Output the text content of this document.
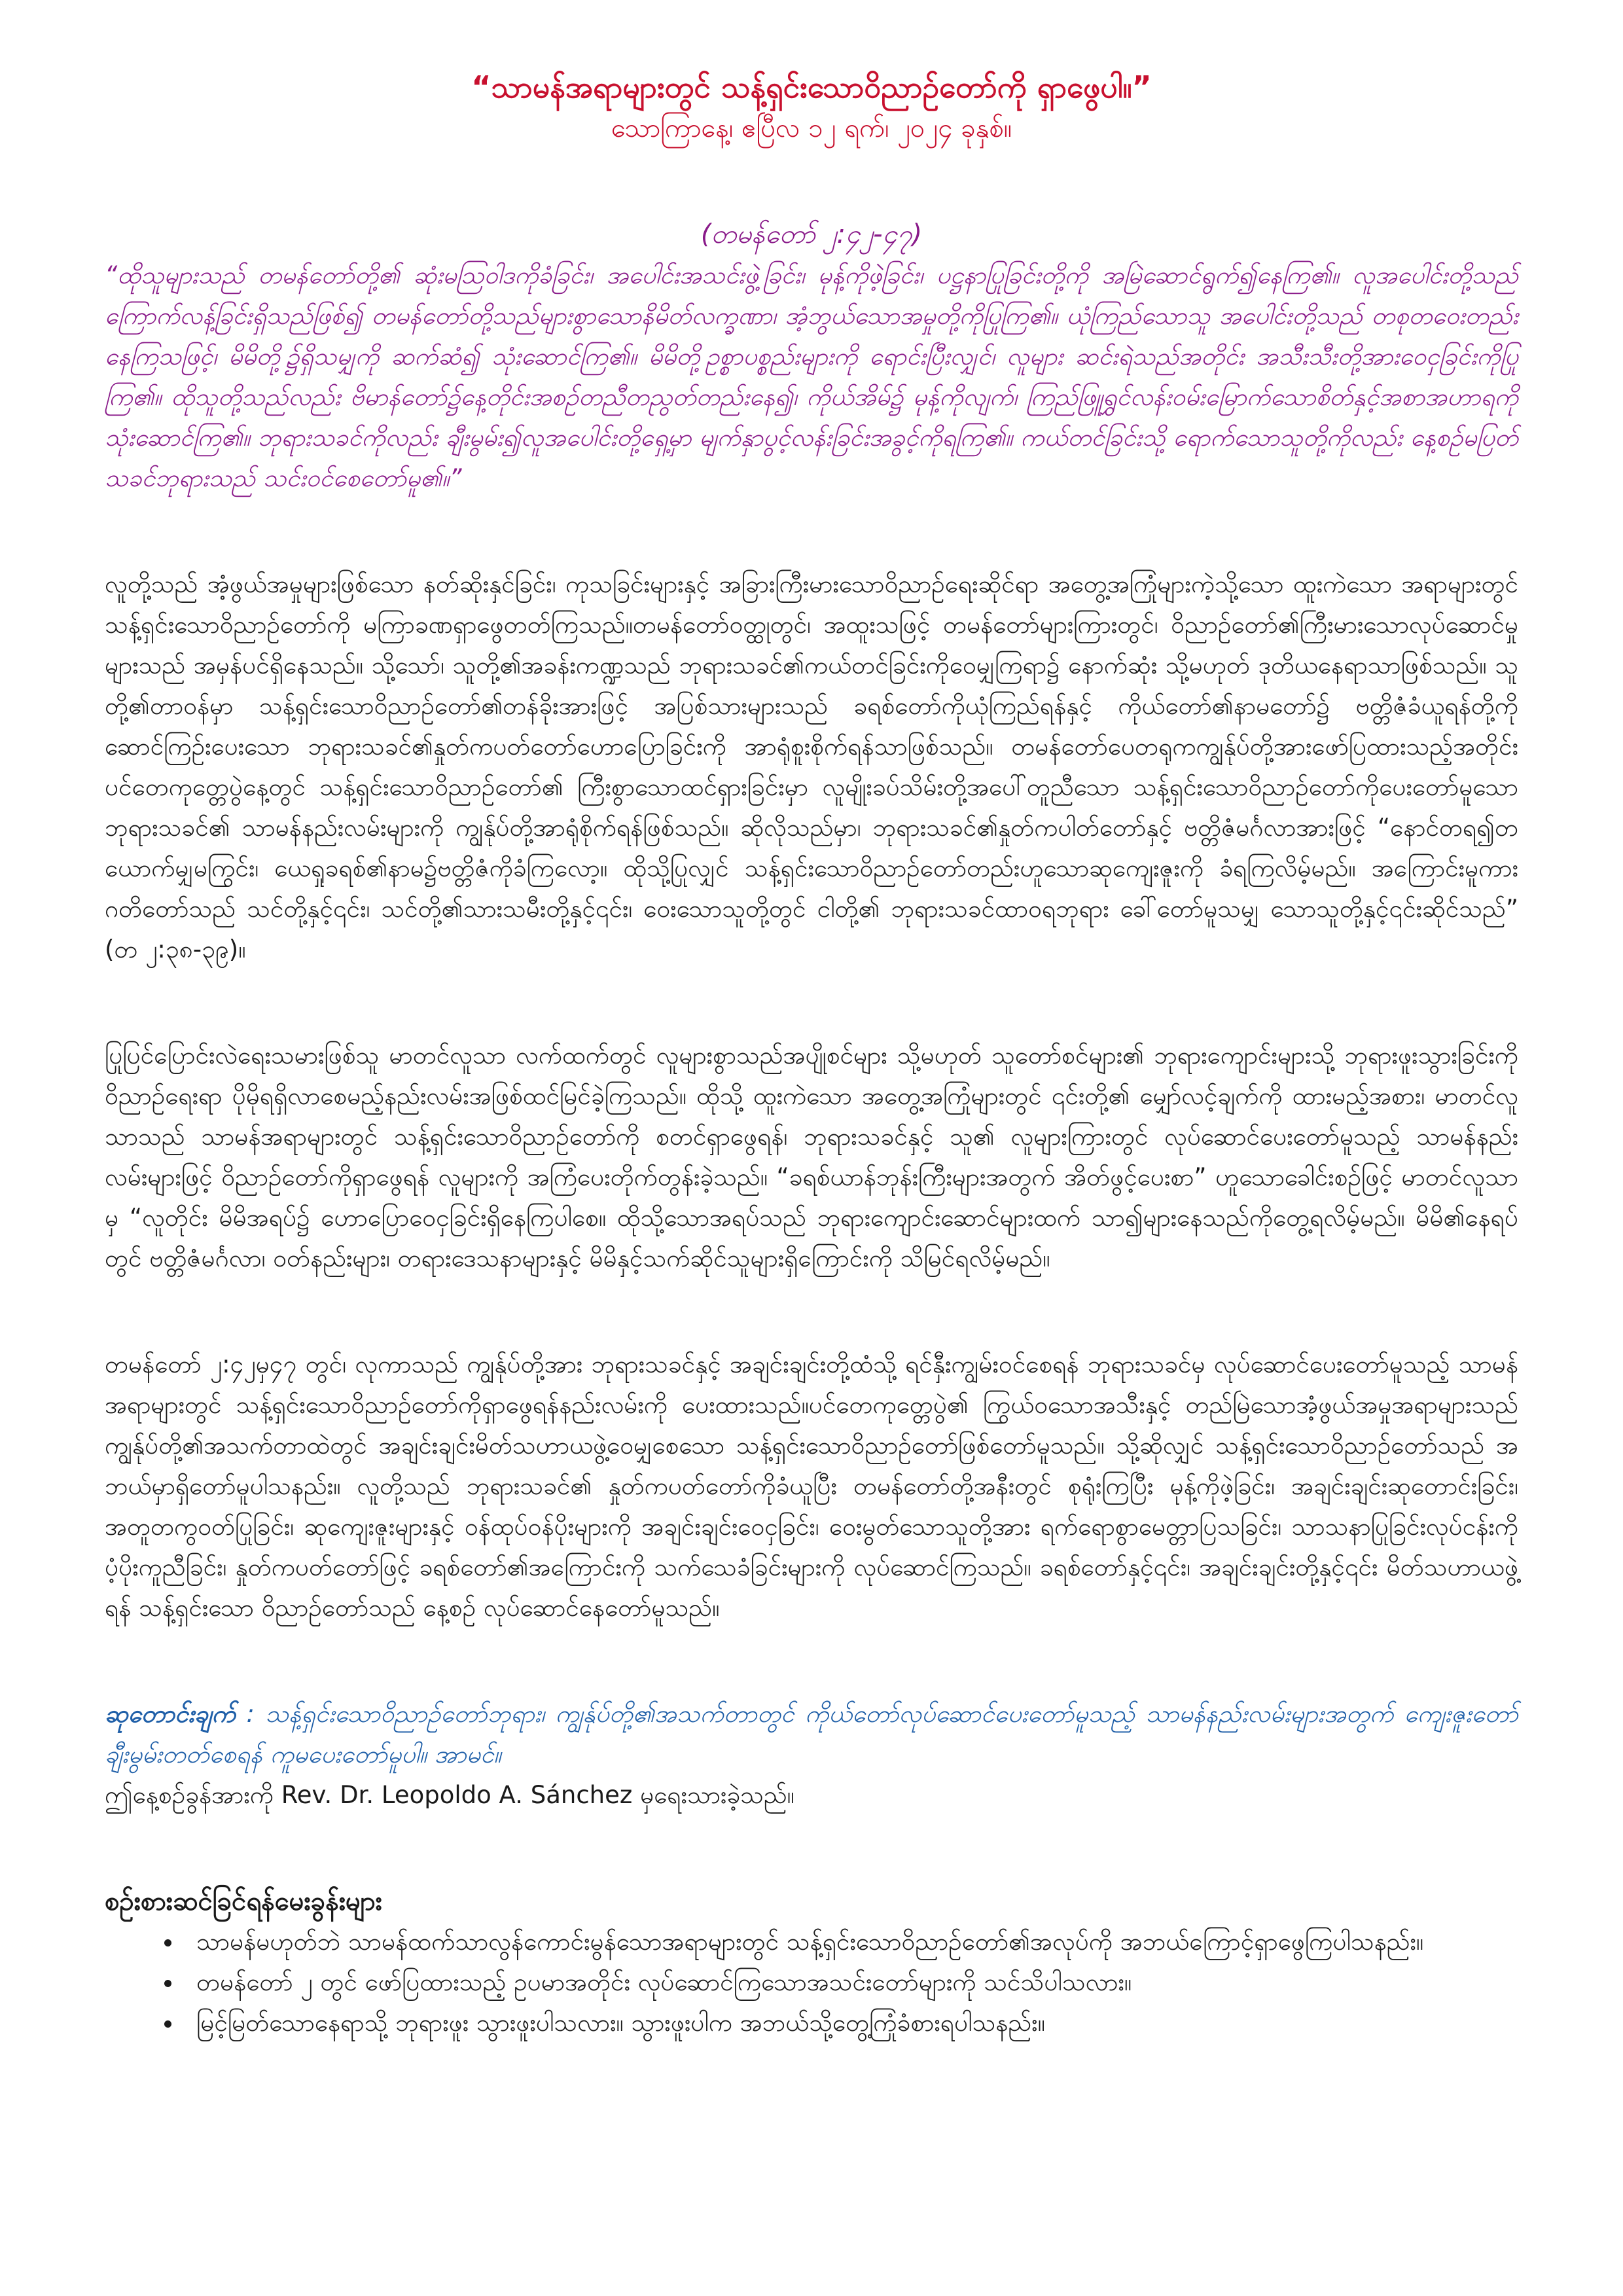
“သာမန်အရာများတွင် သန့်ရှင်းသောဝိညာဉ်တော်ကို ရှာဖွေပါ။”

သောကြာနေ့၊ ဧပြီလ ၁၂ ရက်၊ ၂၀၂၄ ခုနှစ်။

(တမန်တော် ၂:၄၂-၄၇)

“ထိုသူများသည် တမန်တော်တို့၏ ဆုံးမသြဝါဒကိုခံခြင်း၊ အပေါင်းအသင်းဖွဲ့ခြင်း၊ မုန့်ကိုဖဲ့ခြင်း၊ ပဋ္ဌနာပြုခြင်းတို့ကို အမြဲဆောင်ရွက်၍နေကြ၏။ လူအပေါင်းတို့သည် ကြောက်လန့်ခြင်းရှိသည်ဖြစ်၍ တမန်တော်တို့သည်များစွာသောနိမိတ်လက္ခဏာ၊ အံ့ဘွယ်သောအမှုတို့ကိုပြုကြ၏။ ယုံကြည်သောသူ အပေါင်းတို့သည် တစုတဝေးတည်းနေကြသဖြင့်၊ မိမိတို့၌ရှိသမျှကို ဆက်ဆံ၍ သုံးဆောင်ကြ၏။ မိမိတို့ဥစ္စာပစ္စည်းများကို ရောင်းပြီးလျှင်၊ လူများ ဆင်းရဲသည်အတိုင်း အသီးသီးတို့အားဝေငှခြင်းကိုပြုကြ၏။ ထိုသူတို့သည်လည်း ဗိမာန်တော်၌နေ့တိုင်းအစဉ်တညီတညွတ်တည်းနေ၍၊ ကိုယ်အိမ်၌ မုန့်ကိုလျက်၊ ကြည်ဖြူရွှင်လန်းဝမ်းမြောက်သောစိတ်နှင့်အစာအဟာရကိုသုံးဆောင်ကြ၏။ ဘုရားသခင်ကိုလည်း ချီးမွမ်း၍လူအပေါင်းတို့ရှေ့မှာ မျက်နှာပွင့်လန်းခြင်းအခွင့်ကိုရကြ၏။ ကယ်တင်ခြင်းသို့ ရောက်သောသူတို့ကိုလည်း နေ့စဉ်မပြတ်သခင်ဘုရားသည် သင်းဝင်စေတော်မူ၏။”

လူတို့သည် အံ့ဖွယ်အမှုများဖြစ်သော နတ်ဆိုးနှင်ခြင်း၊ ကုသခြင်းများနှင့် အခြားကြီးမားသောဝိညာဉ်ရေးဆိုင်ရာ အတွေ့အကြုံများကဲ့သို့သော ထူးကဲသော အရာများတွင် သန့်ရှင်းသောဝိညာဉ်တော်ကို မကြာခဏရှာဖွေတတ်ကြသည်။တမန်တော်ဝတ္ထုတွင်၊ အထူးသဖြင့် တမန်တော်များကြားတွင်၊ ဝိညာဉ်တော်၏ကြီးမားသောလုပ်ဆောင်မှုများသည် အမှန်ပင်ရှိနေသည်။ သို့သော်၊ သူတို့၏အခန်းကဏ္ဍသည် ဘုရားသခင်၏ကယ်တင်ခြင်းကိုဝေမျှကြရာ၌ နောက်ဆုံး သို့မဟုတ် ဒုတိယနေရာသာဖြစ်သည်။ သူတို့၏တာဝန်မှာ သန့်ရှင်းသောဝိညာဉ်တော်၏တန်ခိုးအားဖြင့် အပြစ်သားများသည် ခရစ်တော်ကိုယုံကြည်ရန်နှင့် ကိုယ်တော်၏နာမတော်၌ ဗတ္တိဇံခံယူရန်တို့ကိုဆောင်ကြဉ်းပေးသော ဘုရားသခင်၏နှုတ်ကပတ်တော်ဟောပြောခြင်းကို အာရုံစူးစိုက်ရန်သာဖြစ်သည်။ တမန်တော်ပေတရုကကျွန်ုပ်တို့အားဖော်ပြထားသည့်အတိုင်း ပင်တေကုတ္တေပွဲနေ့တွင် သန့်ရှင်းသောဝိညာဉ်တော်၏ ကြီးစွာသောထင်ရှားခြင်းမှာ လူမျိုးခပ်သိမ်းတို့အပေါ်တူညီသော သန့်ရှင်းသောဝိညာဉ်တော်ကိုပေးတော်မူသော ဘုရားသခင်၏ သာမန်နည်းလမ်းများကို ကျွန်ုပ်တို့အာရုံစိုက်ရန်ဖြစ်သည်။ ဆိုလိုသည်မှာ၊ ဘုရားသခင်၏နှုတ်ကပါတ်တော်နှင့် ဗတ္တိဇံမင်္ဂလာအားဖြင့် “နောင်တရ၍တယောက်မျှမကြွင်း၊ ယေရှုခရစ်၏နာမ၌ဗတ္တိဇံကိုခံကြလော့။ ထိုသို့ပြုလျှင် သန့်ရှင်းသောဝိညာဉ်တော်တည်းဟူသောဆုကျေးဇူးကို ခံရကြလိမ့်မည်။ အကြောင်းမူကား ဂတိတော်သည် သင်တို့နှင့်၎င်း၊ သင်တို့၏သားသမီးတို့နှင့်၎င်း၊ ဝေးသောသူတို့တွင် ငါတို့၏ ဘုရားသခင်ထာဝရဘုရား ခေါ်တော်မူသမျှ သောသူတို့နှင့်၎င်းဆိုင်သည်” (တ ၂:၃၈-၃၉)။

ပြုပြင်ပြောင်းလဲရေးသမားဖြစ်သူ မာတင်လူသာ လက်ထက်တွင် လူများစွာသည်အပျိုစင်များ သို့မဟုတ် သူတော်စင်များ၏ ဘုရားကျောင်းများသို့ ဘုရားဖူးသွားခြင်းကို ဝိညာဉ်ရေးရာ ပိုမိုရရှိလာစေမည့်နည်းလမ်းအဖြစ်ထင်မြင်ခဲ့ကြသည်။ ထိုသို့ ထူးကဲသော အတွေ့အကြုံများတွင် ၎င်းတို့၏ မျှော်လင့်ချက်ကို ထားမည့်အစား၊ မာတင်လူသာသည် သာမန်အရာများတွင် သန့်ရှင်းသောဝိညာဉ်တော်ကို စတင်ရှာဖွေရန်၊ ဘုရားသခင်နှင့် သူ၏ လူများကြားတွင် လုပ်ဆောင်ပေးတော်မူသည့် သာမန်နည်းလမ်းများဖြင့် ဝိညာဉ်တော်ကိုရှာဖွေရန် လူများကို အကြံပေးတိုက်တွန်းခဲ့သည်။ “ခရစ်ယာန်ဘုန်းကြီးများအတွက် အိတ်ဖွင့်ပေးစာ” ဟူသောခေါင်းစဉ်ဖြင့် မာတင်လူသာမှ “လူတိုင်း မိမိအရပ်၌ ဟောပြောဝေငှခြင်းရှိနေကြပါစေ။ ထိုသို့သောအရပ်သည် ဘုရားကျောင်းဆောင်များထက် သာ၍များနေသည်ကိုတွေ့ရလိမ့်မည်။ မိမိ၏နေရပ်တွင် ဗတ္တိဇံမင်္ဂလာ၊ ဝတ်နည်းများ၊ တရားဒေသနာများနှင့် မိမိနှင့်သက်ဆိုင်သူများရှိကြောင်းကို သိမြင်ရလိမ့်မည်။

တမန်တော် ၂:၄၂မှ၄၇ တွင်၊ လုကာသည် ကျွန်ုပ်တို့အား ဘုရားသခင်နှင့် အချင်းချင်းတို့ထံသို့ ရင်နှီးကျွမ်းဝင်စေရန် ဘုရားသခင်မှ လုပ်ဆောင်ပေးတော်မူသည့် သာမန်အရာများတွင် သန့်ရှင်းသောဝိညာဉ်တော်ကိုရှာဖွေရန်နည်းလမ်းကို ပေးထားသည်။ပင်တေကုတ္တေပွဲ၏ ကြွယ်ဝသောအသီးနှင့် တည်မြဲသောအံ့ဖွယ်အမှုအရာများသည် ကျွန်ုပ်တို့၏အသက်တာထဲတွင် အချင်းချင်းမိတ်သဟာယဖွဲ့ဝေမျှစေသော သန့်ရှင်းသောဝိညာဉ်တော်ဖြစ်တော်မူသည်။ သို့ဆိုလျှင် သန့်ရှင်းသောဝိညာဉ်တော်သည် အဘယ်မှာရှိတော်မူပါသနည်း။ လူတို့သည် ဘုရားသခင်၏ နှုတ်ကပတ်တော်ကိုခံယူပြီး တမန်တော်တို့အနီးတွင် စုရုံးကြပြီး မုန့်ကိုဖဲ့ခြင်း၊ အချင်းချင်းဆုတောင်းခြင်း၊ အတူတကွဝတ်ပြုခြင်း၊ ဆုကျေးဇူးများနှင့် ဝန်ထုပ်ဝန်ပိုးများကို အချင်းချင်းဝေငှခြင်း၊ ဝေးမွတ်သောသူတို့အား ရက်ရောစွာမေတ္တာပြသခြင်း၊ သာသနာပြုခြင်းလုပ်ငန်းကို ပံ့ပိုးကူညီခြင်း၊ နှုတ်ကပတ်တော်ဖြင့် ခရစ်တော်၏အကြောင်းကို သက်သေခံခြင်းများကို လုပ်ဆောင်ကြသည်။ ခရစ်တော်နှင့်၎င်း၊ အချင်းချင်းတို့နှင့်၎င်း မိတ်သဟာယဖွဲ့ရန် သန့်ရှင်းသော ဝိညာဉ်တော်သည် နေ့စဉ် လုပ်ဆောင်နေတော်မူသည်။

ဆုတောင်းချက် : သန့်ရှင်းသောဝိညာဉ်တော်ဘုရား၊ ကျွန်ုပ်တို့၏အသက်တာတွင် ကိုယ်တော်လုပ်ဆောင်ပေးတော်မူသည့် သာမန်နည်းလမ်းများအတွက် ကျေးဇူးတော်ချီးမွမ်းတတ်စေရန် ကူမပေးတော်မူပါ။ အာမင်။

ဤနေ့စဉ်ခွန်အားကို Rev. Dr. Leopoldo A. Sánchez မှရေးသားခဲ့သည်။

စဉ်းစားဆင်ခြင်ရန်မေးခွန်းများ

• သာမန်မဟုတ်ဘဲ သာမန်ထက်သာလွန်ကောင်းမွန်သောအရာများတွင် သန့်ရှင်းသောဝိညာဉ်တော်၏အလုပ်ကို အဘယ်ကြောင့်ရှာဖွေကြပါသနည်း။
• တမန်တော် ၂ တွင် ဖော်ပြထားသည့် ဥပမာအတိုင်း လုပ်ဆောင်ကြသောအသင်းတော်များကို သင်သိပါသလား။
• မြင့်မြတ်သောနေရာသို့ ဘုရားဖူး သွားဖူးပါသလား။ သွားဖူးပါက အဘယ်သို့တွေ့ကြုံခံစားရပါသနည်း။
